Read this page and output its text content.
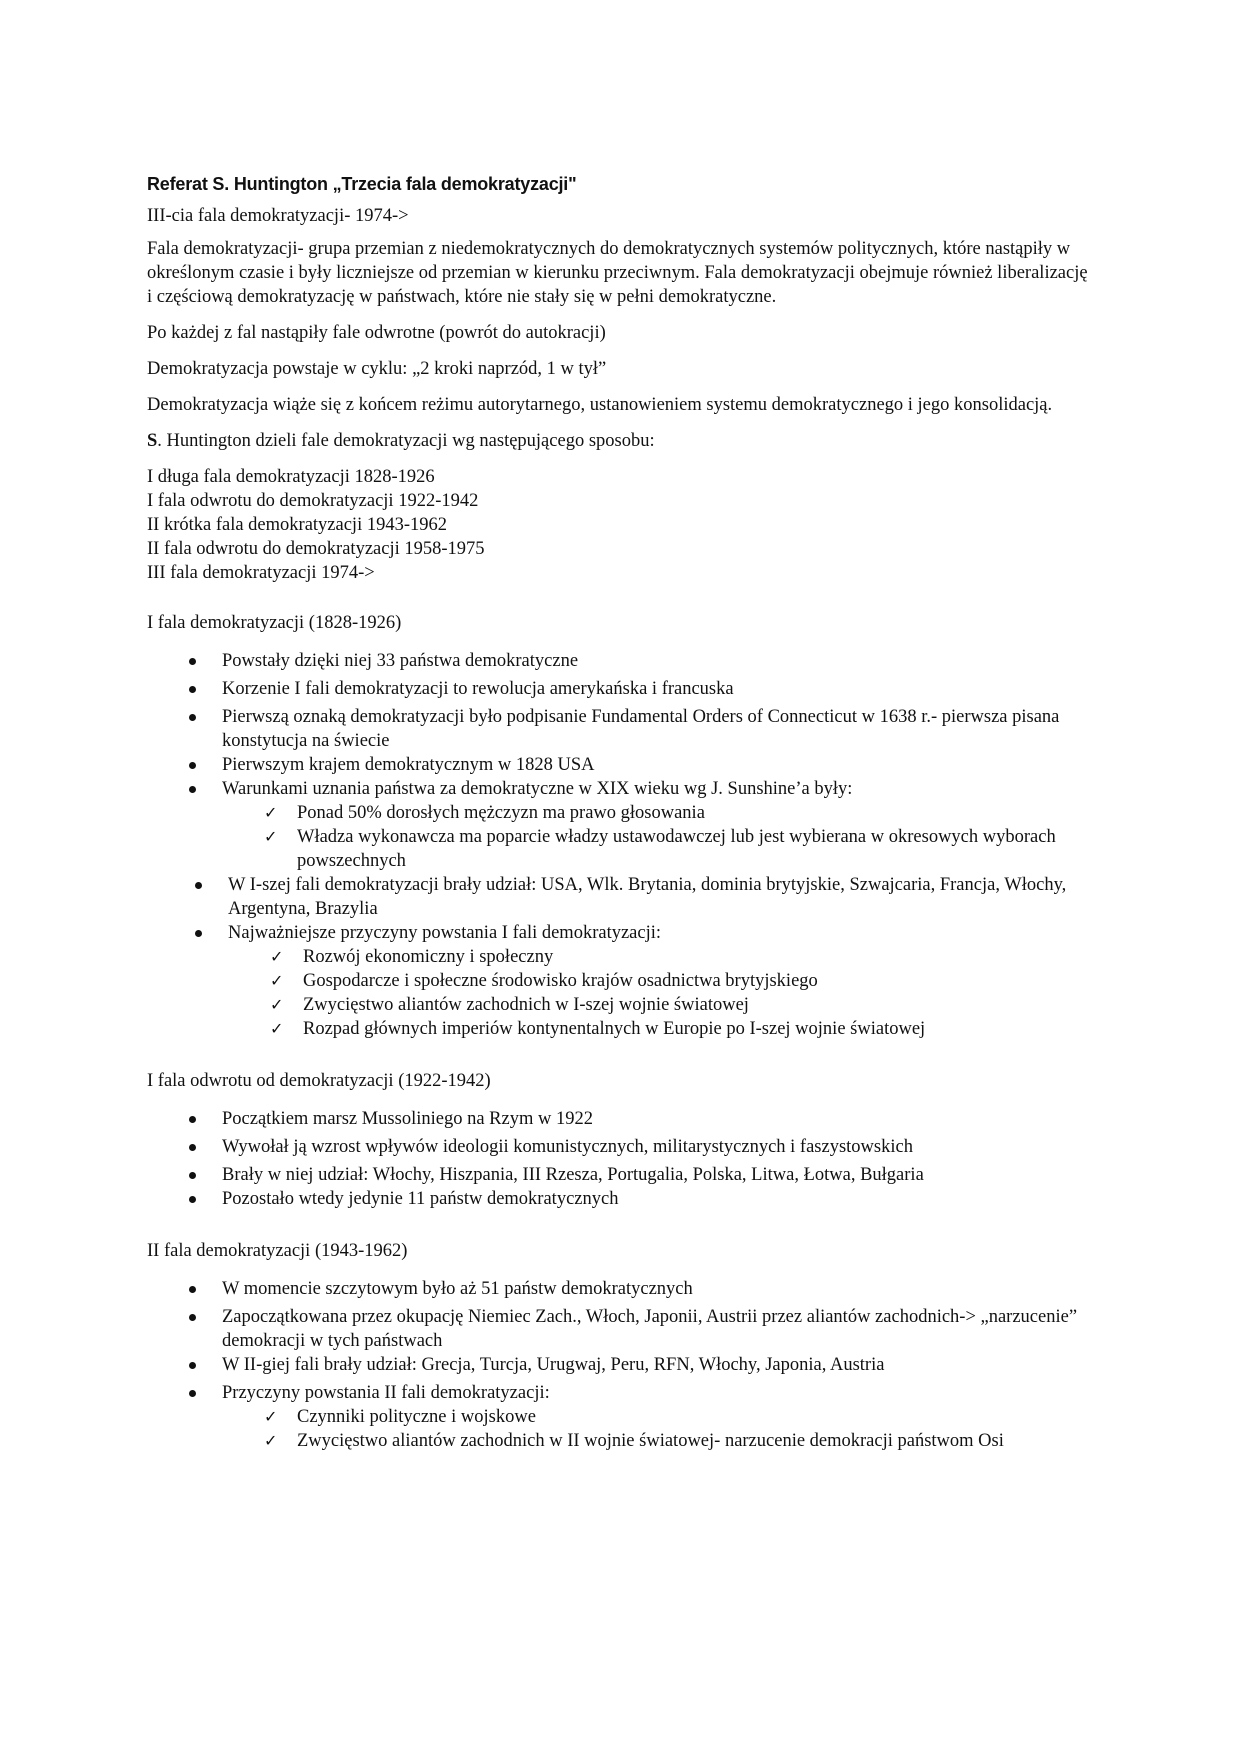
Referat S. Huntington „Trzecia fala demokratyzacji"

III-cia fala demokratyzacji- 1974->

Fala demokratyzacji- grupa przemian z niedemokratycznych do demokratycznych systemów politycznych, które nastąpiły w określonym czasie i były liczniejsze od przemian w kierunku przeciwnym. Fala demokratyzacji obejmuje również liberalizację i częściową demokratyzację w państwach, które nie stały się w pełni demokratyczne.

Po każdej z fal nastąpiły fale odwrotne (powrót do autokracji)

Demokratyzacja powstaje w cyklu: „2 kroki naprzód, 1 w tył”

Demokratyzacja wiąże się z końcem reżimu autorytarnego, ustanowieniem systemu demokratycznego i jego konsolidacją.

S. Huntington dzieli fale demokratyzacji wg następującego sposobu:

I długa fala demokratyzacji 1828-1926
I fala odwrotu do demokratyzacji 1922-1942
II krótka fala demokratyzacji 1943-1962
II fala odwrotu do demokratyzacji 1958-1975
III fala demokratyzacji 1974->

I fala demokratyzacji (1828-1926)

Powstały dzięki niej 33 państwa demokratyczne
Korzenie I fali demokratyzacji to rewolucja amerykańska i francuska
Pierwszą oznaką demokratyzacji było podpisanie Fundamental Orders of Connecticut w 1638 r.- pierwsza pisana konstytucja na świecie
Pierwszym krajem demokratycznym w 1828 USA
Warunkami uznania państwa za demokratyczne w XIX wieku wg J. Sunshine’a były:
✓ Ponad 50% dorosłych mężczyzn ma prawo głosowania
✓ Władza wykonawcza ma poparcie władzy ustawodawczej lub jest wybierana w okresowych wyborach powszechnych
W I-szej fali demokratyzacji brały udział: USA, Wlk. Brytania, dominia brytyjskie, Szwajcaria, Francja, Włochy, Argentyna, Brazylia
Najważniejsze przyczyny powstania I fali demokratyzacji:
✓ Rozwój ekonomiczny i społeczny
✓ Gospodarcze i społeczne środowisko krajów osadnictwa brytyjskiego
✓ Zwycięstwo aliantów zachodnich w I-szej wojnie światowej
✓ Rozpad głównych imperiów kontynentalnych w Europie po I-szej wojnie światowej

I fala odwrotu od demokratyzacji (1922-1942)

Początkiem marsz Mussoliniego na Rzym w 1922
Wywołał ją wzrost wpływów ideologii komunistycznych, militarystycznych i faszystowskich
Brały w niej udział: Włochy, Hiszpania, III Rzesza, Portugalia, Polska, Litwa, Łotwa, Bułgaria
Pozostało wtedy jedynie 11 państw demokratycznych

II fala demokratyzacji (1943-1962)

W momencie szczytowym było aż 51 państw demokratycznych
Zapoczątkowana przez okupację Niemiec Zach., Włoch, Japonii, Austrii przez aliantów zachodnich-> „narzucenie” demokracji w tych państwach
W II-giej fali brały udział: Grecja, Turcja, Urugwaj, Peru, RFN, Włochy, Japonia, Austria
Przyczyny powstania II fali demokratyzacji:
✓ Czynniki polityczne i wojskowe
✓ Zwycięstwo aliantów zachodnich w II wojnie światowej- narzucenie demokracji państwom Osi
